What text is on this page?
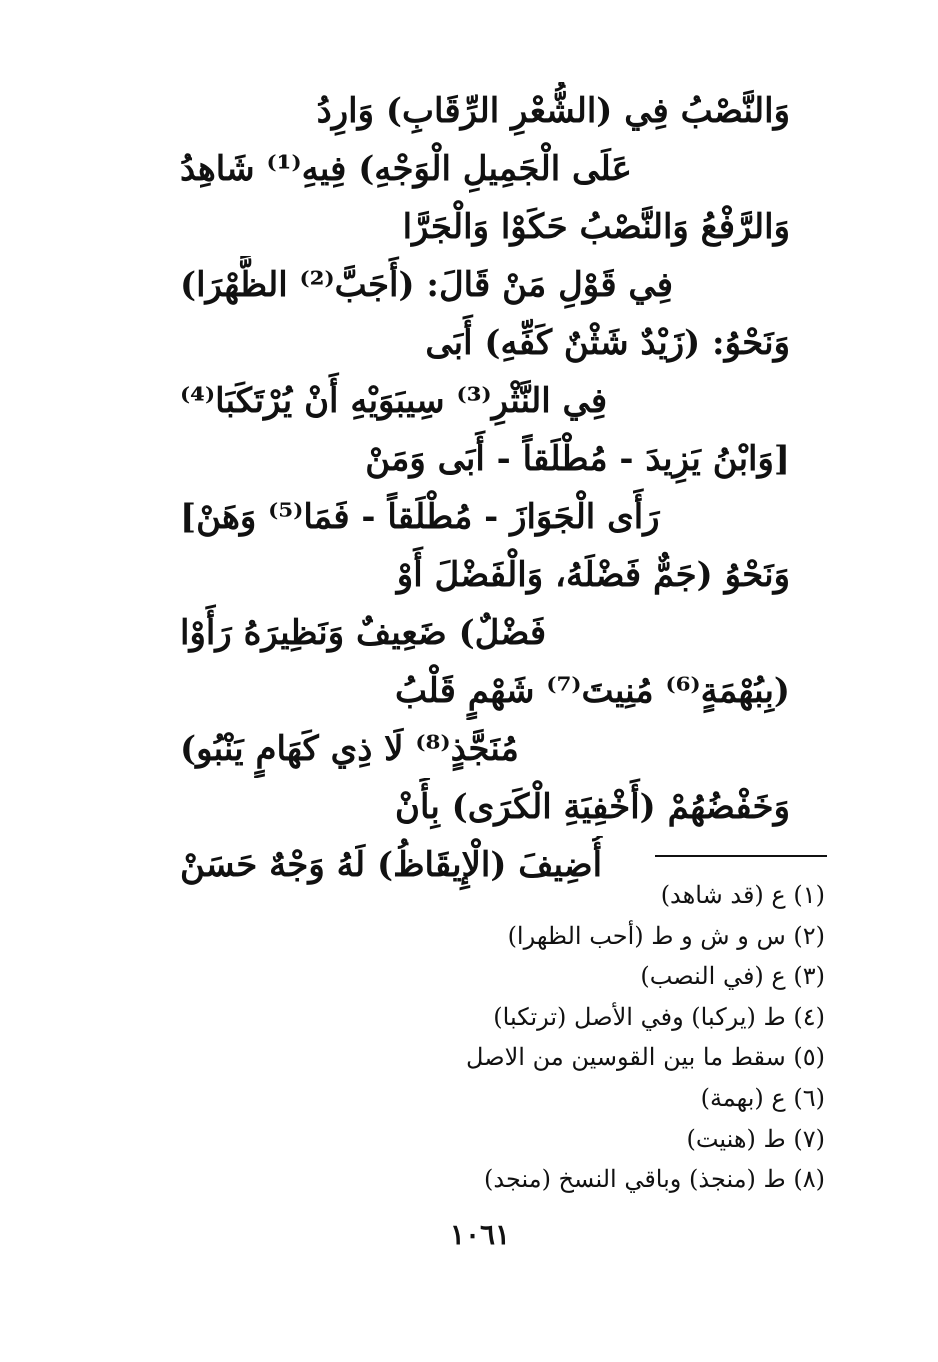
وَالنَّصْبُ فِي (الشُّعْرِ الرِّقَابِ) وَارِدُ
عَلَى الْجَمِيلِ الْوَجْهِ) فِيهِ⁽¹⁾ شَاهِدُ
وَالرَّفْعُ وَالنَّصْبُ حَكَوْا وَالْجَرَّا
فِي قَوْلِ مَنْ قَالَ: (أَجَبَّ⁽²⁾ الظَّهْرَا)
وَنَحْوُ: (زَيْدٌ شَثْنٌ كَفِّهِ) أَبَى
فِي النَّثْرِ⁽³⁾ سِيبَوَيْهِ أَنْ يُرْتَكَبَا⁽⁴⁾
[وَابْنُ يَزِيدَ - مُطْلَقاً - أَبَى وَمَنْ
رَأَى الْجَوَازَ - مُطْلَقاً - فَمَا⁽⁵⁾ وَهَنْ]
وَنَحْوُ (جَمٌّ فَضْلَهُ، وَالْفَضْلَ أَوْ
فَضْلٌ) ضَعِيفٌ وَنَظِيرَهُ رَأَوْا
(بِبُهْمَةٍ⁽⁶⁾ مُنِيتَ⁽⁷⁾ شَهْمٍ قَلْبُ
مُنَجَّذٍ⁽⁸⁾ لَا ذِي كَهَامٍ يَنْبُو)
وَخَفْضُهُمْ (أَخْفِيَةِ الْكَرَى) بِأَنْ
أُضِيفَ (الْإِيقَاظُ) لَهُ وَجْهٌ حَسَنْ
(١) ع (قد شاهد)
(٢) س و ش و ط (أحب الظهرا)
(٣) ع (في النصب)
(٤) ط (يركبا) وفي الأصل (ترتكبا)
(٥) سقط ما بين القوسين من الاصل
(٦) ع (بهمة)
(٧) ط (هنيت)
(٨) ط (منجذ) وباقي النسخ (منجد)
١٠٦١
